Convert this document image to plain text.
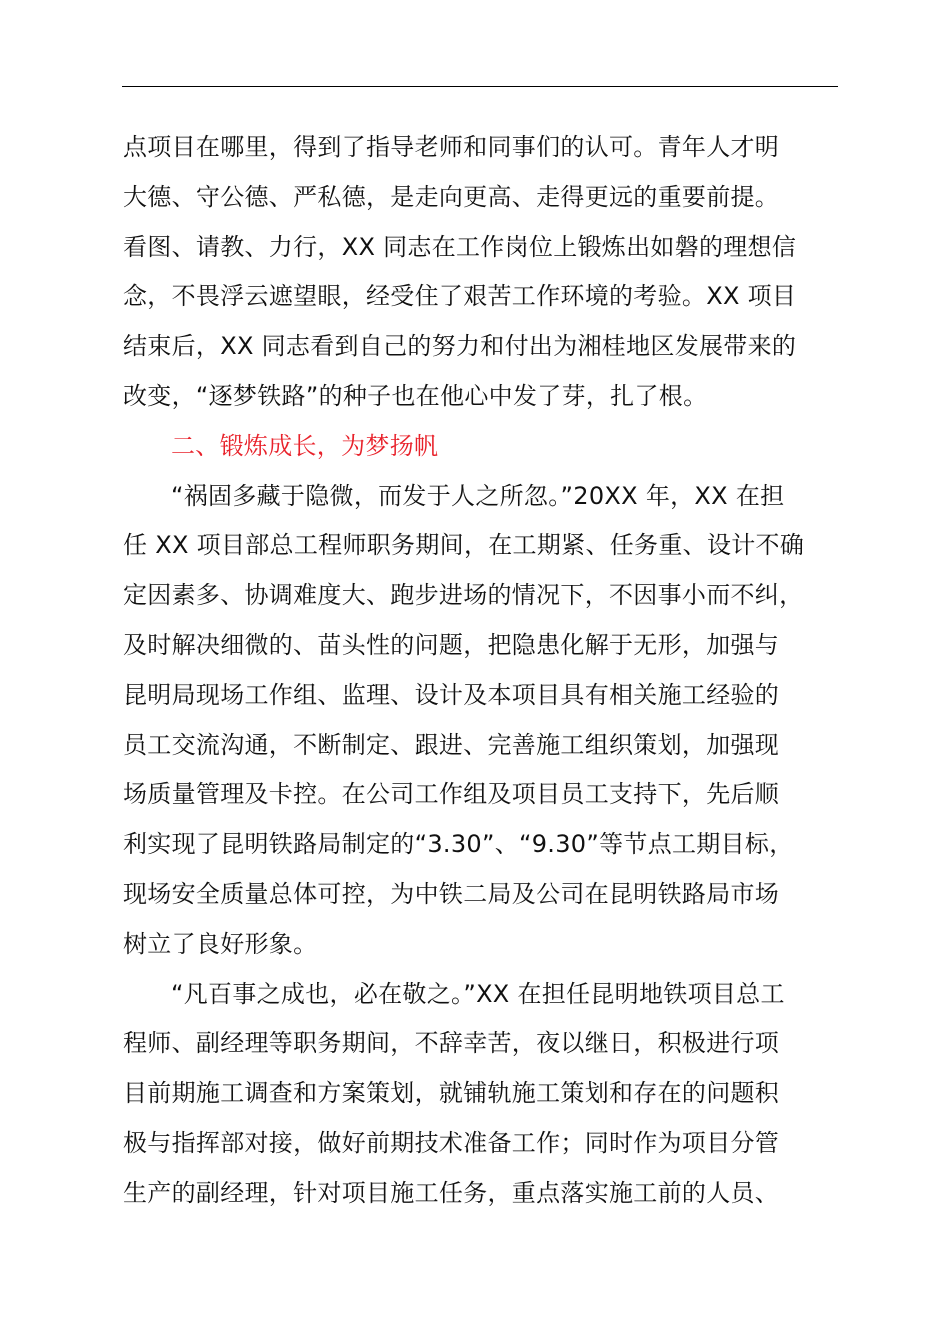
点项目在哪里，得到了指导老师和同事们的认可。青年人才明
大德、守公德、严私德，是走向更高、走得更远的重要前提。
看图、请教、力行，XX 同志在工作岗位上锻炼出如磐的理想信
念，不畏浮云遮望眼，经受住了艰苦工作环境的考验。XX 项目
结束后，XX 同志看到自己的努力和付出为湘桂地区发展带来的
改变，“逐梦铁路”的种子也在他心中发了芽，扎了根。

二、锻炼成长，为梦扬帆

“祸固多藏于隐微，而发于人之所忽。”20XX 年，XX 在担

任 XX 项目部总工程师职务期间，在工期紧、任务重、设计不确
定因素多、协调难度大、跑步进场的情况下，不因事小而不纠，
及时解决细微的、苗头性的问题，把隐患化解于无形，加强与
昆明局现场工作组、监理、设计及本项目具有相关施工经验的
员工交流沟通，不断制定、跟进、完善施工组织策划，加强现
场质量管理及卡控。在公司工作组及项目员工支持下，先后顺
利实现了昆明铁路局制定的“3.30”、“9.30”等节点工期目标，
现场安全质量总体可控，为中铁二局及公司在昆明铁路局市场
树立了良好形象。

“凡百事之成也，必在敬之。”XX 在担任昆明地铁项目总工

程师、副经理等职务期间，不辞幸苦，夜以继日，积极进行项
目前期施工调查和方案策划，就铺轨施工策划和存在的问题积
极与指挥部对接，做好前期技术准备工作；同时作为项目分管
生产的副经理，针对项目施工任务，重点落实施工前的人员、
